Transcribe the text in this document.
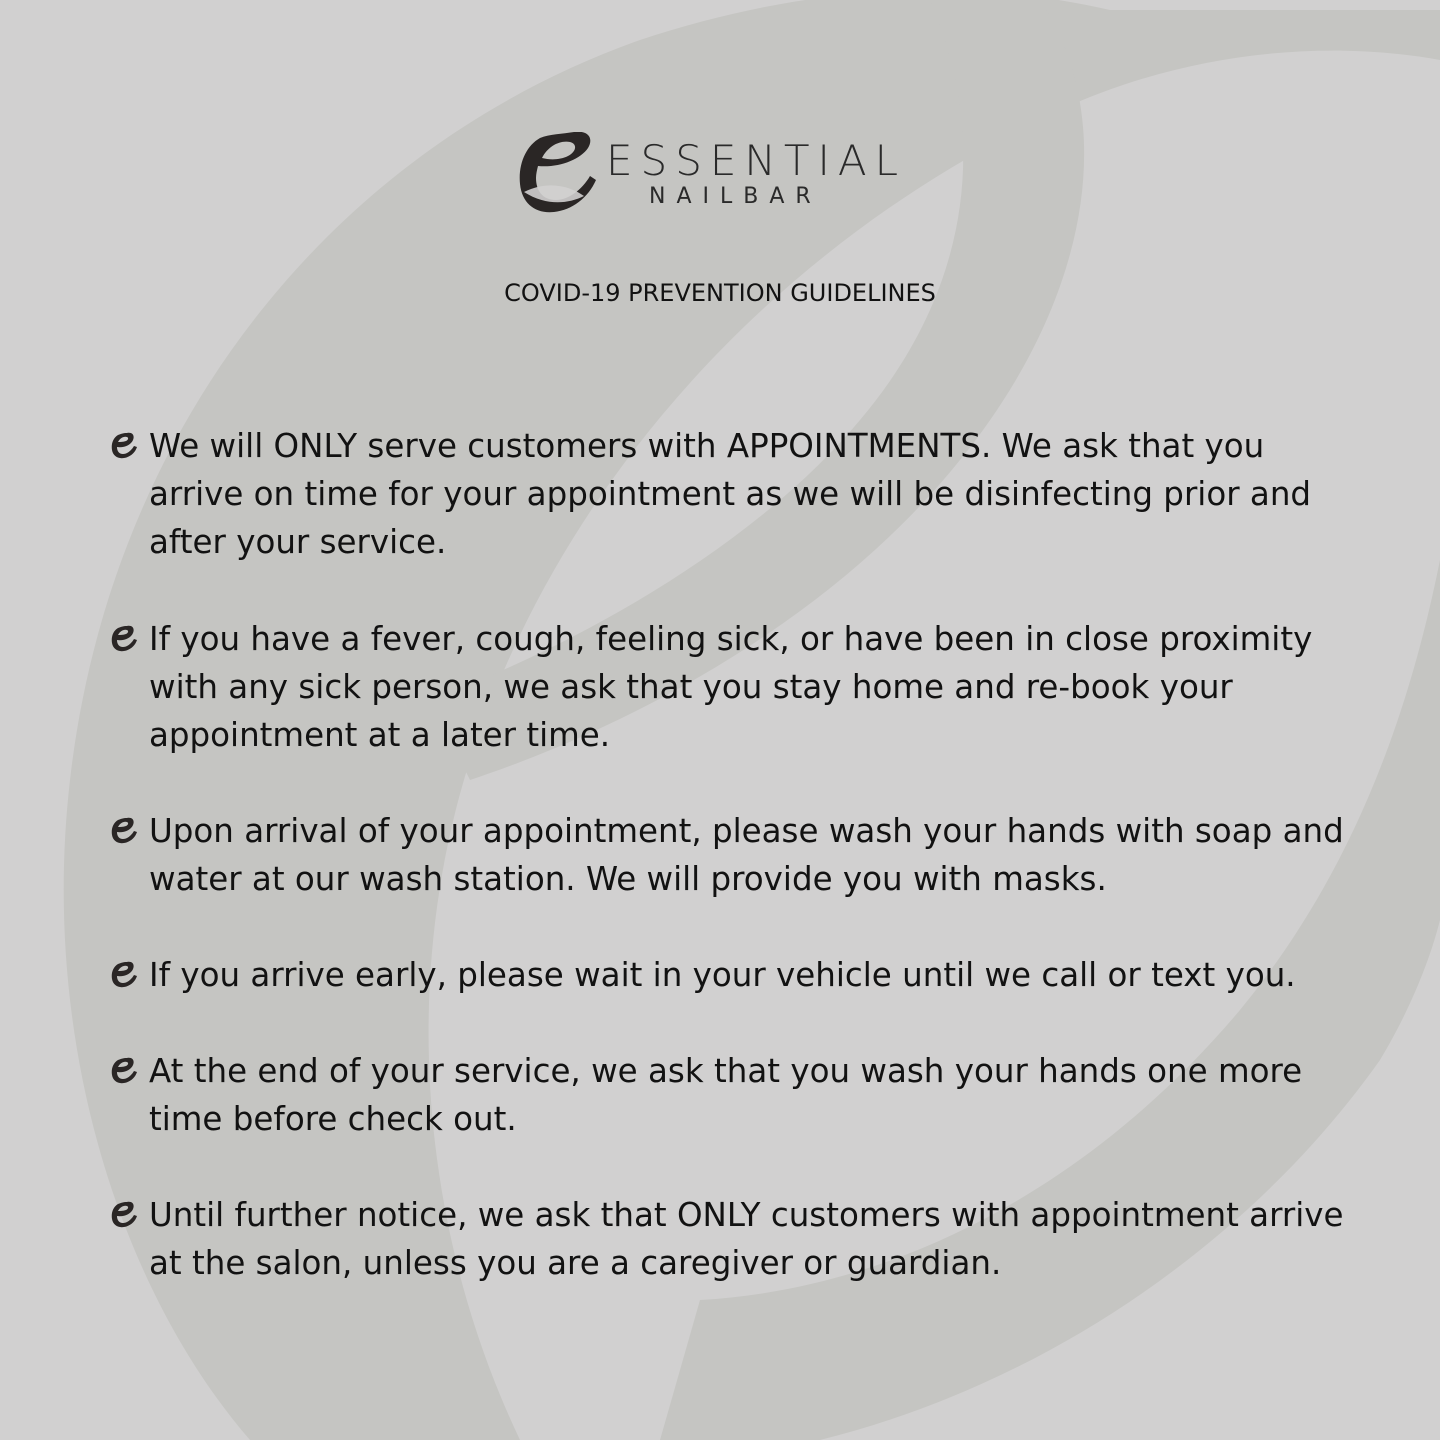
ESSENTIAL
NAILBAR
COVID-19 PREVENTION GUIDELINES
We will ONLY serve customers with APPOINTMENTS. We ask that you
arrive on time for your appointment as we will be disinfecting prior and
after your service.
If you have a fever, cough, feeling sick, or have been in close proximity
with any sick person, we ask that you stay home and re-book your
appointment at a later time.
Upon arrival of your appointment, please wash your hands with soap and
water at our wash station. We will provide you with masks.
If you arrive early, please wait in your vehicle until we call or text you.
At the end of your service, we ask that you wash your hands one more
time before check out.
Until further notice, we ask that ONLY customers with appointment arrive
at the salon, unless you are a caregiver or guardian.
